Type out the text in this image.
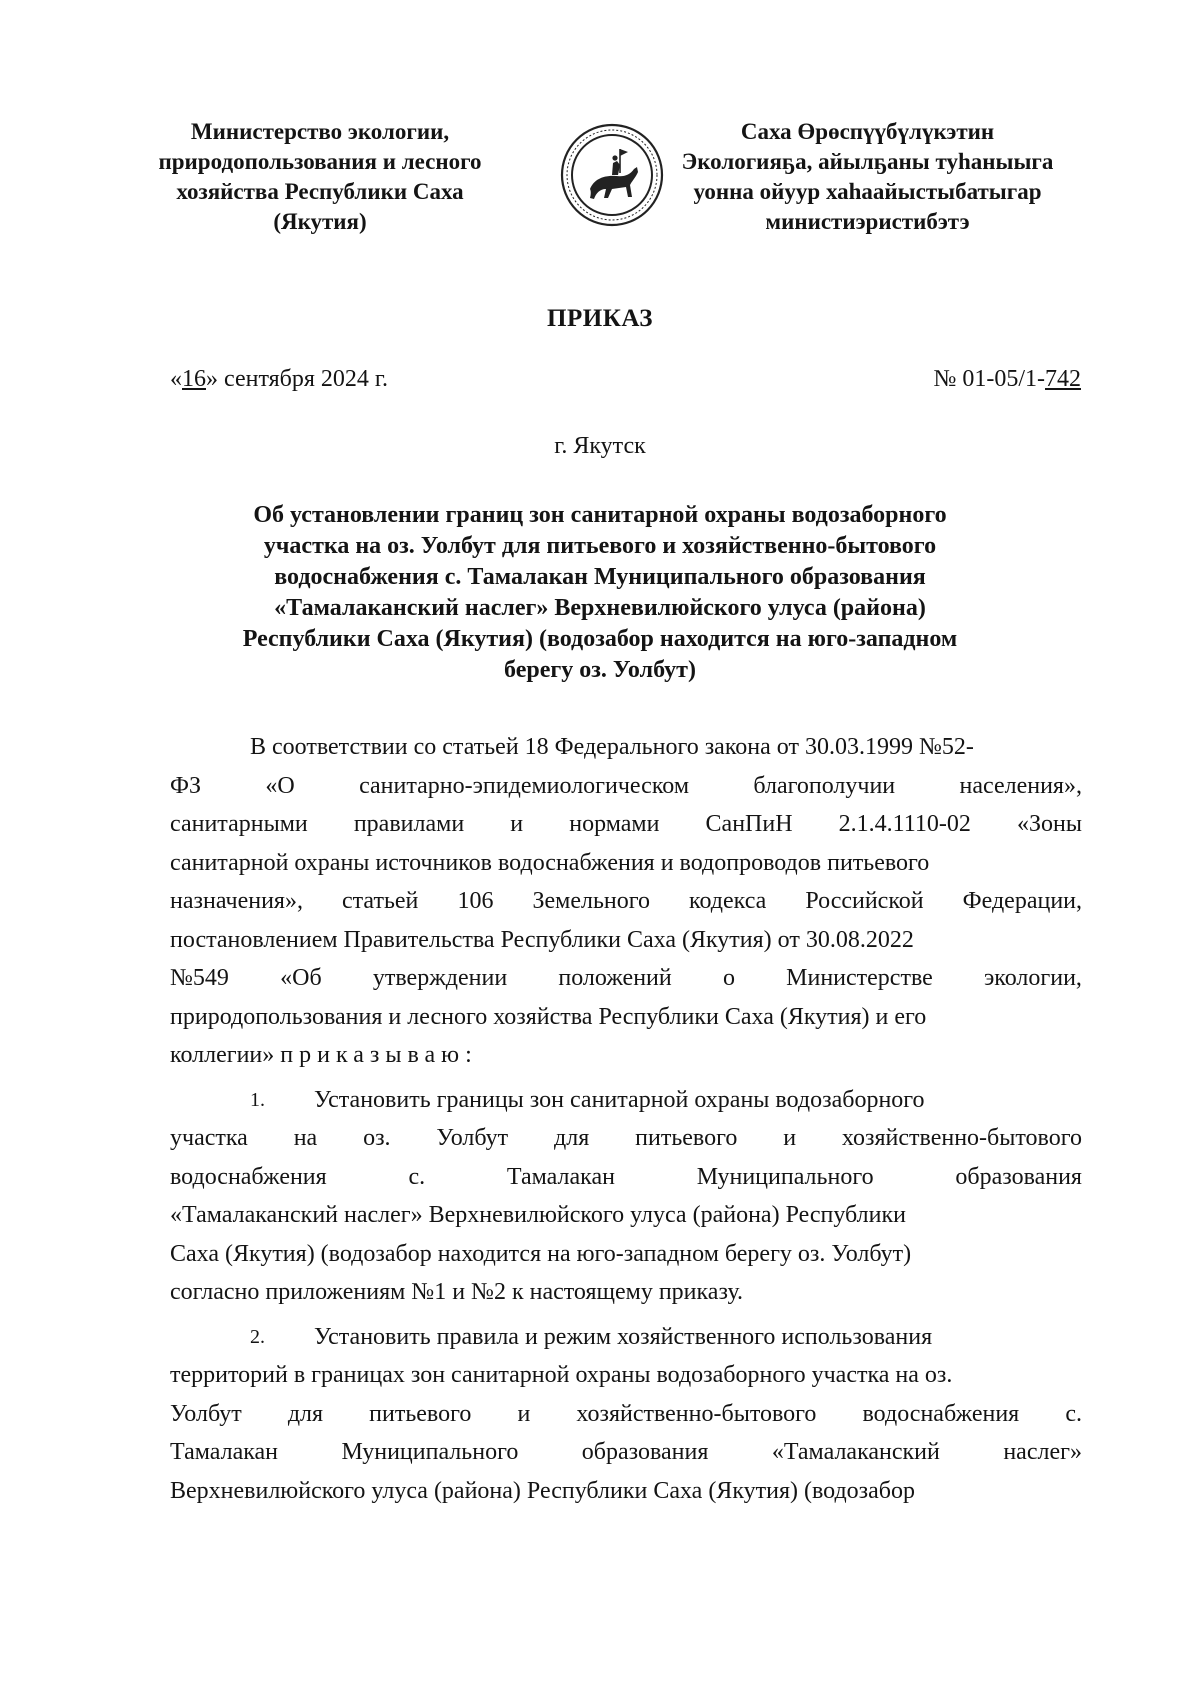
Министерство экологии,
природопользования и лесного
хозяйства Республики Саха
(Якутия)
Саха Өрөспүүбүлүкэтин
Экологияҕа, айылҕаны туһаныыга
уонна ойуур хаһаайыстыбатыгар
министиэристибэтэ
ПРИКАЗ
«16» сентября 2024 г.	№ 01-05/1-742
г. Якутск
Об установлении границ зон санитарной охраны водозаборного
участка на оз. Уолбут для питьевого и хозяйственно-бытового
водоснабжения с. Тамалакан Муниципального образования
«Тамалаканский наслег» Верхневилюйского улуса (района)
Республики Саха (Якутия) (водозабор находится на юго-западном
берегу оз. Уолбут)
В соответствии со статьей 18 Федерального закона от 30.03.1999 №52-
ФЗ	«О	санитарно-эпидемиологическом	благополучии	населения»,
санитарными правилами и нормами СанПиН 2.1.4.1110-02 «Зоны
санитарной охраны источников водоснабжения и водопроводов питьевого
назначения», статьей 106 Земельного кодекса Российской Федерации,
постановлением Правительства Республики Саха (Якутия) от 30.08.2022
№549 «Об утверждении положений о Министерстве экологии,
природопользования и лесного хозяйства Республики Саха (Якутия) и его
коллегии»
приказываю:
1.	Установить границы зон санитарной охраны водозаборного
участка на оз. Уолбут для питьевого и хозяйственно-бытового
водоснабжения	с.	Тамалакан	Муниципального	образования
«Тамалаканский наслег» Верхневилюйского улуса (района) Республики
Саха (Якутия) (водозабор находится на юго-западном берегу оз. Уолбут)
согласно приложениям №1 и №2 к настоящему приказу.
2.	Установить правила и режим хозяйственного использования
территорий в границах зон санитарной охраны водозаборного участка на оз.
Уолбут для питьевого и хозяйственно-бытового водоснабжения с.
Тамалакан	Муниципального	образования	«Тамалаканский	наслег»
Верхневилюйского улуса (района) Республики Саха (Якутия) (водозабор
